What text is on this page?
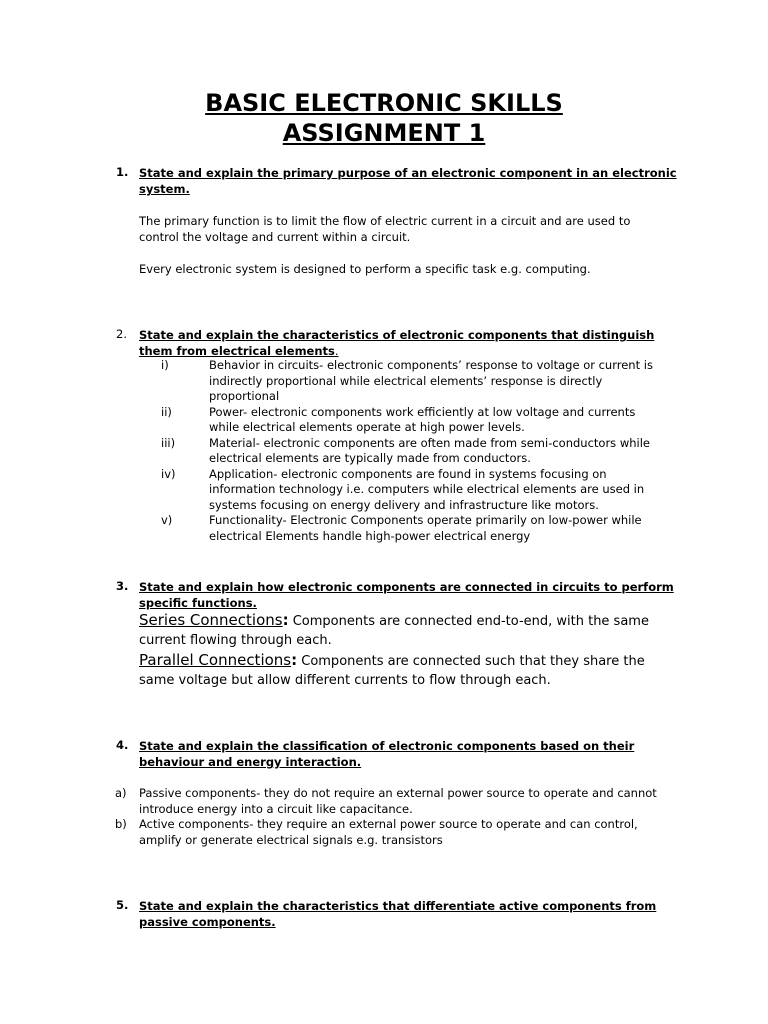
BASIC ELECTRONIC SKILLS
ASSIGNMENT 1
1. State and explain the primary purpose of an electronic component in an electronic system.

The primary function is to limit the flow of electric current in a circuit and are used to control the voltage and current within a circuit.

Every electronic system is designed to perform a specific task e.g. computing.

2. State and explain the characteristics of electronic components that distinguish them from electrical elements.

i)	Behavior in circuits- electronic components’ response to voltage or current is indirectly proportional while electrical elements’ response is directly proportional
ii)	Power- electronic components work efficiently at low voltage and currents while electrical elements operate at high power levels.
iii)	Material- electronic components are often made from semi-conductors while electrical elements are typically made from conductors.
iv)	Application- electronic components are found in systems focusing on information technology i.e. computers while electrical elements are used in systems focusing on energy delivery and infrastructure like motors.
v)	Functionality- Electronic Components operate primarily on low-power while electrical Elements handle high-power electrical energy
3. State and explain how electronic components are connected in circuits to perform specific functions.

Series Connections: Components are connected end-to-end, with the same current flowing through each.

Parallel Connections: Components are connected such that they share the same voltage but allow different currents to flow through each.

4. State and explain the classification of electronic components based on their behaviour and energy interaction.

a) Passive components- they do not require an external power source to operate and cannot introduce energy into a circuit like capacitance.
b) Active components- they require an external power source to operate and can control, amplify or generate electrical signals e.g. transistors
5. State and explain the characteristics that differentiate active components from passive components.
